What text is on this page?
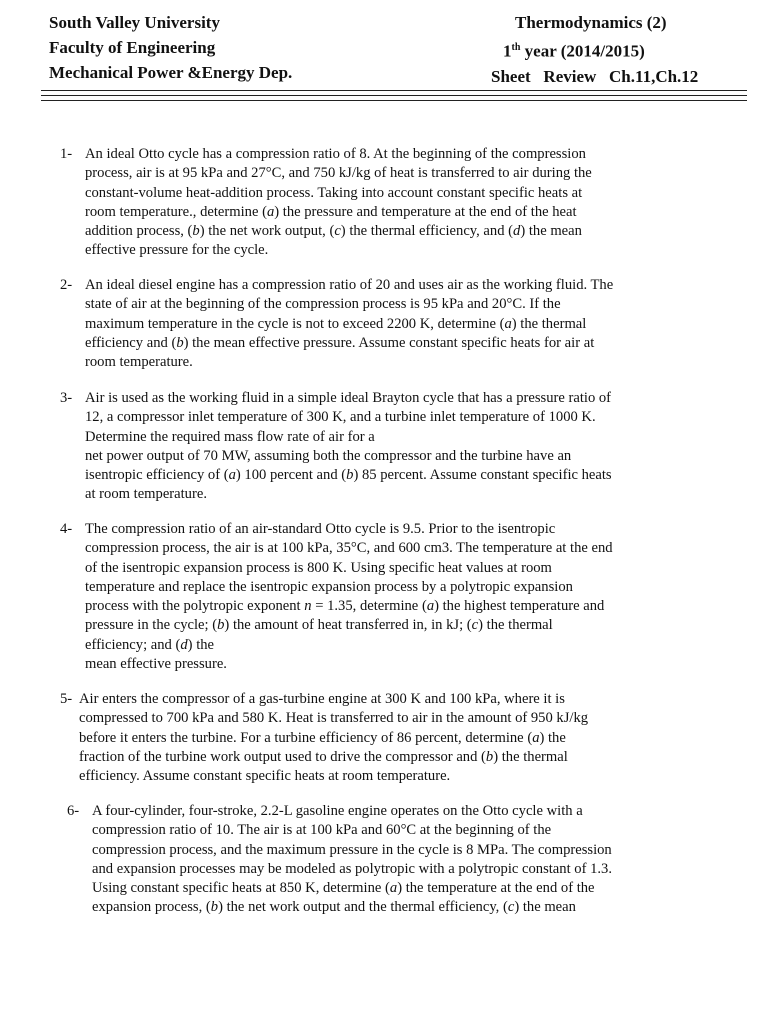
South Valley University
Faculty of Engineering
Mechanical Power &Energy Dep.
Thermodynamics (2)
1th year (2014/2015)
Sheet   Review   Ch.11,Ch.12
1- An ideal Otto cycle has a compression ratio of 8. At the beginning of the compression
process, air is at 95 kPa and 27°C, and 750 kJ/kg of heat is transferred to air during the
constant-volume heat-addition process. Taking into account constant specific heats at
room temperature., determine (a) the pressure and temperature at the end of the heat
addition process, (b) the net work output, (c) the thermal efficiency, and (d) the mean
effective pressure for the cycle.
2- An ideal diesel engine has a compression ratio of 20 and uses air as the working fluid. The
state of air at the beginning of the compression process is 95 kPa and 20°C. If the
maximum temperature in the cycle is not to exceed 2200 K, determine (a) the thermal
efficiency and (b) the mean effective pressure. Assume constant specific heats for air at
room temperature.
3- Air is used as the working fluid in a simple ideal Brayton cycle that has a pressure ratio of
12, a compressor inlet temperature of 300 K, and a turbine inlet temperature of 1000 K.
Determine the required mass flow rate of air for a
net power output of 70 MW, assuming both the compressor and the turbine have an
isentropic efficiency of (a) 100 percent and (b) 85 percent. Assume constant specific heats
at room temperature.
4- The compression ratio of an air-standard Otto cycle is 9.5. Prior to the isentropic
compression process, the air is at 100 kPa, 35°C, and 600 cm3. The temperature at the end
of the isentropic expansion process is 800 K. Using specific heat values at room
temperature and replace the isentropic expansion process by a polytropic expansion
process with the polytropic exponent n = 1.35, determine (a) the highest temperature and
pressure in the cycle; (b) the amount of heat transferred in, in kJ; (c) the thermal
efficiency; and (d) the
mean effective pressure.
5- Air enters the compressor of a gas-turbine engine at 300 K and 100 kPa, where it is
compressed to 700 kPa and 580 K. Heat is transferred to air in the amount of 950 kJ/kg
before it enters the turbine. For a turbine efficiency of 86 percent, determine (a) the
fraction of the turbine work output used to drive the compressor and (b) the thermal
efficiency. Assume constant specific heats at room temperature.
6- A four-cylinder, four-stroke, 2.2-L gasoline engine operates on the Otto cycle with a
compression ratio of 10. The air is at 100 kPa and 60°C at the beginning of the
compression process, and the maximum pressure in the cycle is 8 MPa. The compression
and expansion processes may be modeled as polytropic with a polytropic constant of 1.3.
Using constant specific heats at 850 K, determine (a) the temperature at the end of the
expansion process, (b) the net work output and the thermal efficiency, (c) the mean
